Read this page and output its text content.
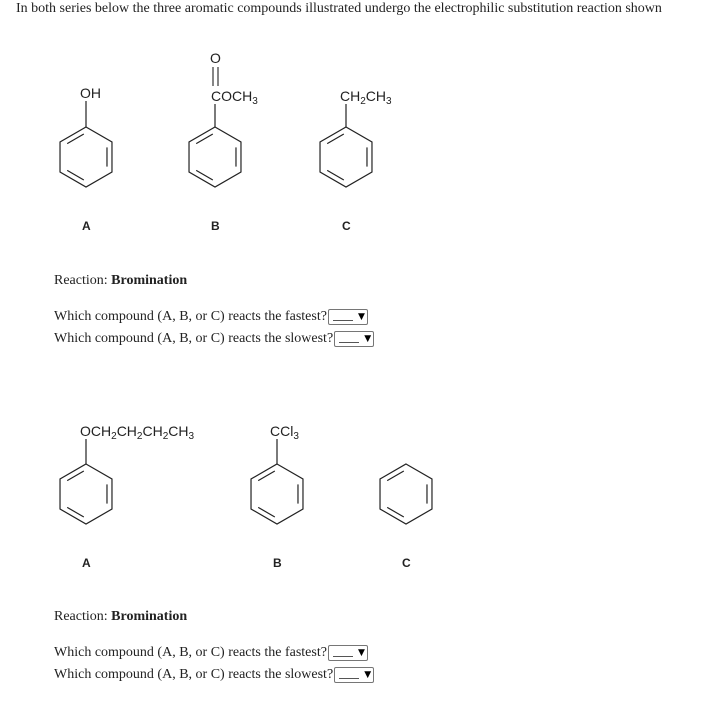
In both series below the three aromatic compounds illustrated undergo the electrophilic substitution reaction shown
OH
A
O
$COCH_3$
B
$CH_2CH_3$
C
$OCH_2CH_2CH_2CH_3$
A
CCl$_3$
B	C
Reaction: Bromination
Which compound (A, B, or C) reacts the fastest?	▼
Which compound (A, B, or C) reacts the slowest?	▼
Reaction: Bromination
Which compound (A, B, or C) reacts the fastest?	▼
Which compound (A, B, or C) reacts the slowest?	▼
